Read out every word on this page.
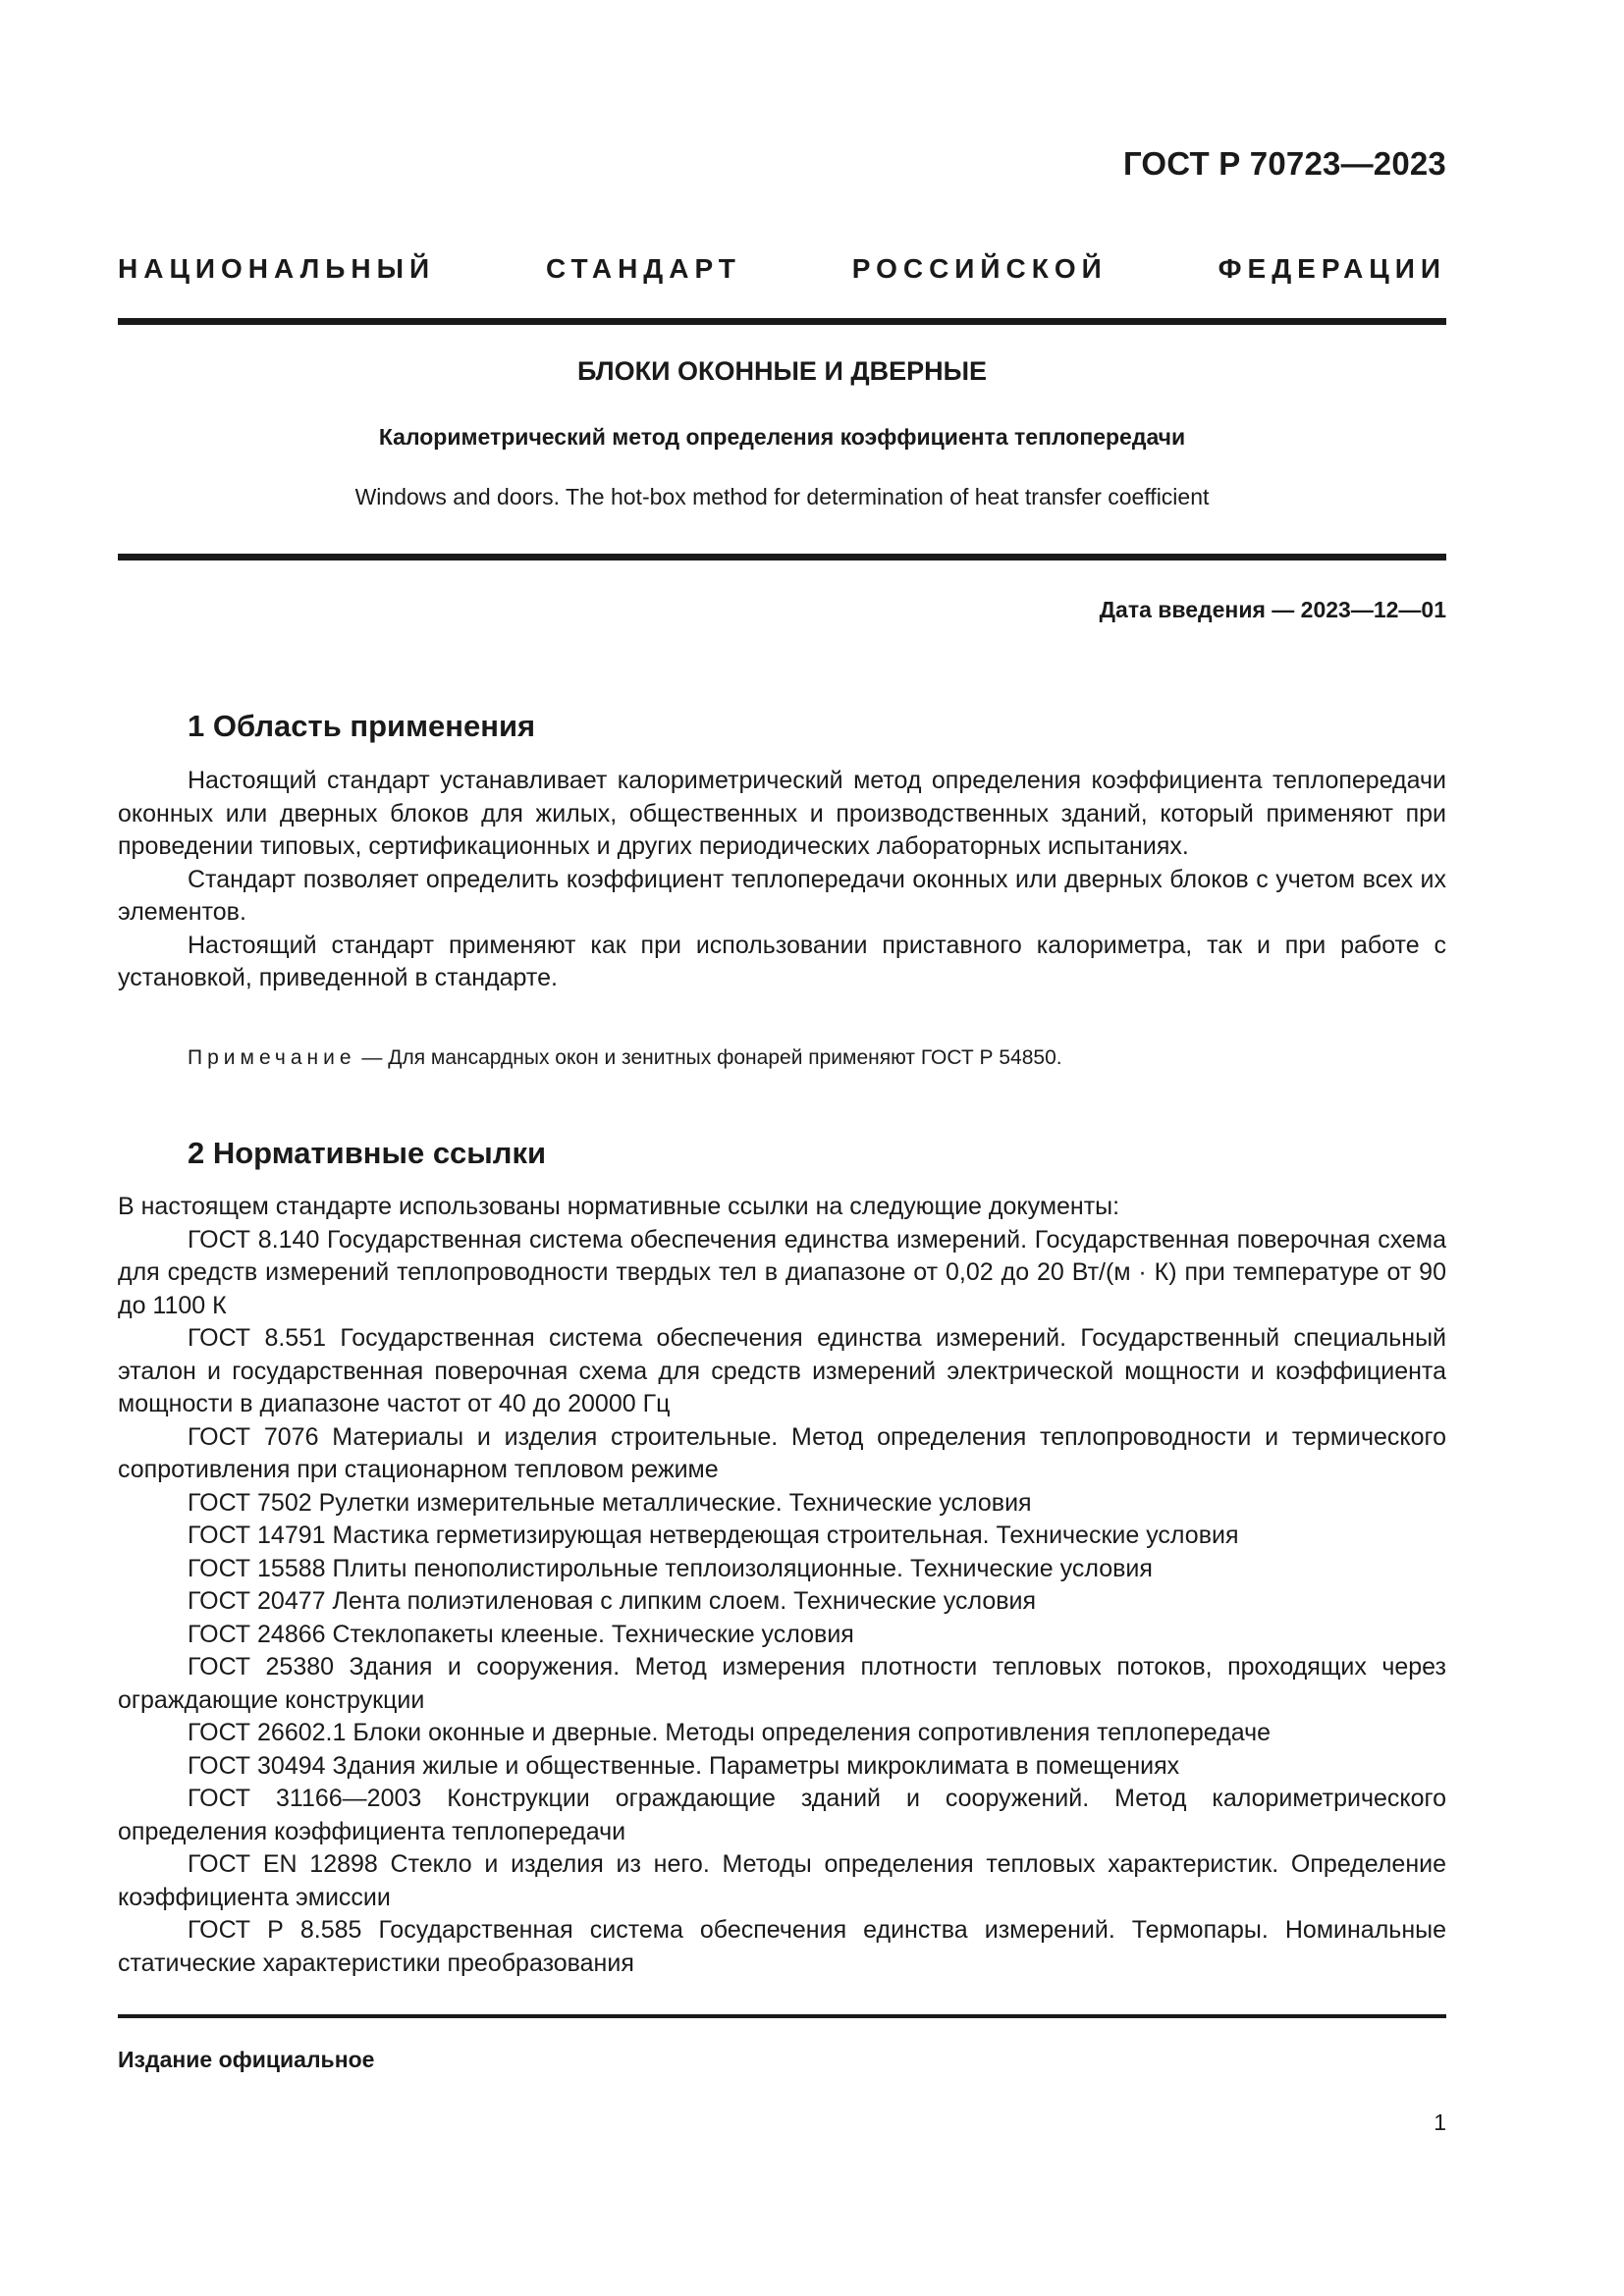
ГОСТ Р 70723—2023
НАЦИОНАЛЬНЫЙ СТАНДАРТ РОССИЙСКОЙ ФЕДЕРАЦИИ
БЛОКИ ОКОННЫЕ И ДВЕРНЫЕ
Калориметрический метод определения коэффициента теплопередачи
Windows and doors. The hot-box method for determination of heat transfer coefficient
Дата введения — 2023—12—01
1 Область применения

Настоящий стандарт устанавливает калориметрический метод определения коэффициента теплопередачи оконных или дверных блоков для жилых, общественных и производственных зданий, который применяют при проведении типовых, сертификационных и других периодических лабораторных испытаниях.

Стандарт позволяет определить коэффициент теплопередачи оконных или дверных блоков с учетом всех их элементов.

Настоящий стандарт применяют как при использовании приставного калориметра, так и при работе с установкой, приведенной в стандарте.

Примечание — Для мансардных окон и зенитных фонарей применяют ГОСТ Р 54850.
2 Нормативные ссылки

В настоящем стандарте использованы нормативные ссылки на следующие документы:

ГОСТ 8.140 Государственная система обеспечения единства измерений. Государственная поверочная схема для средств измерений теплопроводности твердых тел в диапазоне от 0,02 до 20 Вт/(м · К) при температуре от 90 до 1100 К

ГОСТ 8.551 Государственная система обеспечения единства измерений. Государственный специальный эталон и государственная поверочная схема для средств измерений электрической мощности и коэффициента мощности в диапазоне частот от 40 до 20000 Гц

ГОСТ 7076 Материалы и изделия строительные. Метод определения теплопроводности и термического сопротивления при стационарном тепловом режиме

ГОСТ 7502 Рулетки измерительные металлические. Технические условия

ГОСТ 14791 Мастика герметизирующая нетвердеющая строительная. Технические условия

ГОСТ 15588 Плиты пенополистирольные теплоизоляционные. Технические условия

ГОСТ 20477 Лента полиэтиленовая с липким слоем. Технические условия

ГОСТ 24866 Стеклопакеты клееные. Технические условия

ГОСТ 25380 Здания и сооружения. Метод измерения плотности тепловых потоков, проходящих через ограждающие конструкции

ГОСТ 26602.1 Блоки оконные и дверные. Методы определения сопротивления теплопередаче

ГОСТ 30494 Здания жилые и общественные. Параметры микроклимата в помещениях

ГОСТ 31166—2003 Конструкции ограждающие зданий и сооружений. Метод калориметрического определения коэффициента теплопередачи

ГОСТ EN 12898 Стекло и изделия из него. Методы определения тепловых характеристик. Определение коэффициента эмиссии

ГОСТ Р 8.585 Государственная система обеспечения единства измерений. Термопары. Номинальные статические характеристики преобразования

Издание официальное
1
